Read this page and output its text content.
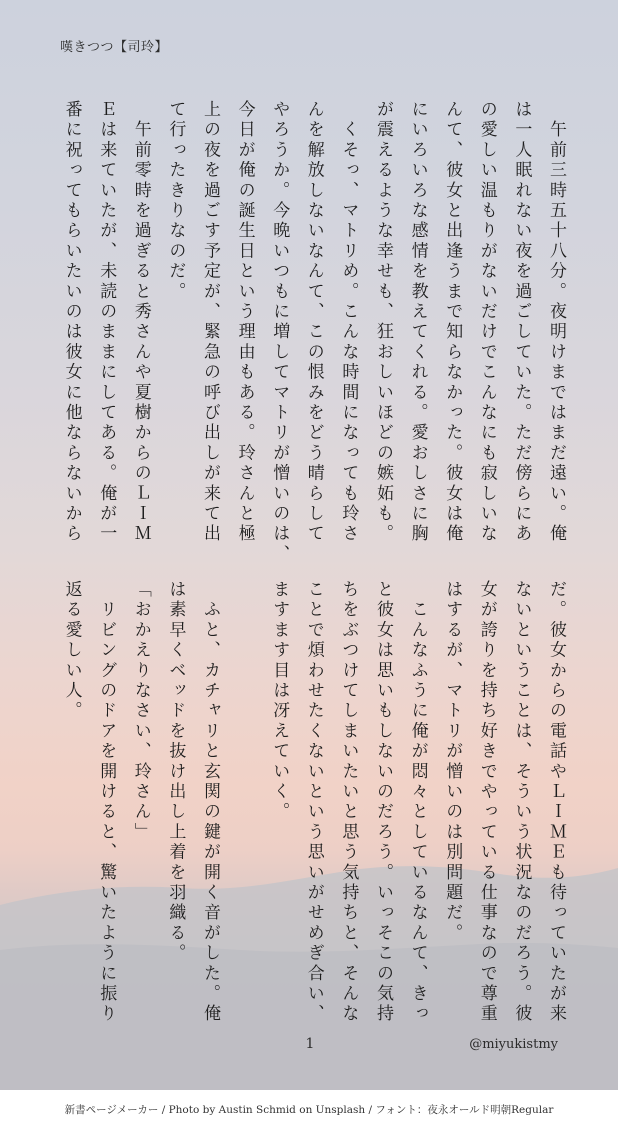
嘆きつつ【司玲】
　午前三時五十八分。夜明けまではまだ遠い。俺
は一人眠れない夜を過ごしていた。ただ傍らにあ
の愛しい温もりがないだけでこんなにも寂しいな
んて、彼女と出逢うまで知らなかった。彼女は俺
にいろいろな感情を教えてくれる。愛おしさに胸
が震えるような幸せも、狂おしいほどの嫉妬も。
　くそっ、マトリめ。こんな時間になっても玲さ
んを解放しないなんて、この恨みをどう晴らして
やろうか。今晩いつもに増してマトリが憎いのは、
今日が俺の誕生日という理由もある。玲さんと極
上の夜を過ごす予定が、緊急の呼び出しが来て出
て行ったきりなのだ。
　午前零時を過ぎると秀さんや夏樹からのＬＩＭ
Ｅは来ていたが、未読のままにしてある。俺が一
番に祝ってもらいたいのは彼女に他ならないから
だ。彼女からの電話やＬＩＭＥも待っていたが来
ないということは、そういう状況なのだろう。彼
女が誇りを持ち好きでやっている仕事なので尊重
はするが、マトリが憎いのは別問題だ。
　こんなふうに俺が悶々としているなんて、きっ
と彼女は思いもしないのだろう。いっそこの気持
ちをぶつけてしまいたいと思う気持ちと、そんな
ことで煩わせたくないという思いがせめぎ合い、
ますます目は冴えていく。
　ふと、カチャリと玄関の鍵が開く音がした。俺
は素早くベッドを抜け出し上着を羽織る。
「おかえりなさい、玲さん」
　リビングのドアを開けると、驚いたように振り
返る愛しい人。
1	@miyukistmy
新書ページメーカー / Photo by Austin Schmid on Unsplash / フォント：夜永オールド明朝Regular
